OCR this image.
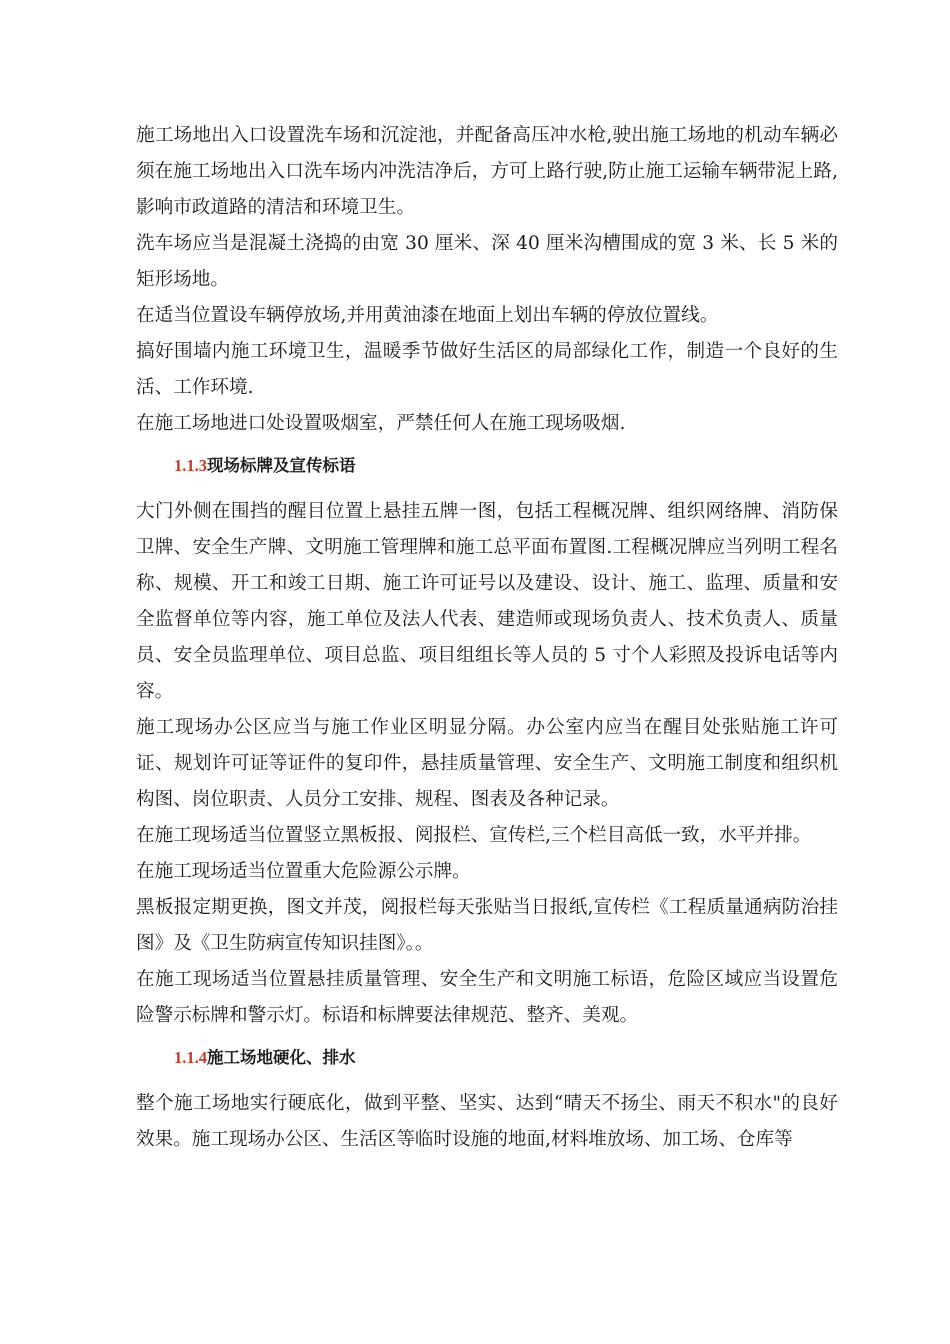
施工场地出入口设置洗车场和沉淀池，并配备高压冲水枪,驶出施工场地的机动车辆必须在施工场地出入口洗车场内冲洗洁净后，方可上路行驶,防止施工运输车辆带泥上路,影响市政道路的清洁和环境卫生。

洗车场应当是混凝土浇捣的由宽 30 厘米、深 40 厘米沟槽围成的宽 3 米、长 5 米的矩形场地。

在适当位置设车辆停放场,并用黄油漆在地面上划出车辆的停放位置线。

搞好围墙内施工环境卫生，温暖季节做好生活区的局部绿化工作，制造一个良好的生活、工作环境.

在施工场地进口处设置吸烟室，严禁任何人在施工现场吸烟.

1.1.3现场标牌及宣传标语

大门外侧在围挡的醒目位置上悬挂五牌一图，包括工程概况牌、组织网络牌、消防保卫牌、安全生产牌、文明施工管理牌和施工总平面布置图.工程概况牌应当列明工程名称、规模、开工和竣工日期、施工许可证号以及建设、设计、施工、监理、质量和安全监督单位等内容，施工单位及法人代表、建造师或现场负责人、技术负责人、质量员、安全员监理单位、项目总监、项目组组长等人员的 5 寸个人彩照及投诉电话等内容。

施工现场办公区应当与施工作业区明显分隔。办公室内应当在醒目处张贴施工许可证、规划许可证等证件的复印件，悬挂质量管理、安全生产、文明施工制度和组织机构图、岗位职责、人员分工安排、规程、图表及各种记录。

在施工现场适当位置竖立黑板报、阅报栏、宣传栏,三个栏目高低一致，水平并排。

在施工现场适当位置重大危险源公示牌。

黑板报定期更换，图文并茂，阅报栏每天张贴当日报纸,宣传栏《工程质量通病防治挂图》及《卫生防病宣传知识挂图》。。

在施工现场适当位置悬挂质量管理、安全生产和文明施工标语，危险区域应当设置危险警示标牌和警示灯。标语和标牌要法律规范、整齐、美观。

1.1.4施工场地硬化、排水

整个施工场地实行硬底化，做到平整、坚实、达到“晴天不扬尘、雨天不积水"的良好效果。施工现场办公区、生活区等临时设施的地面,材料堆放场、加工场、仓库等
